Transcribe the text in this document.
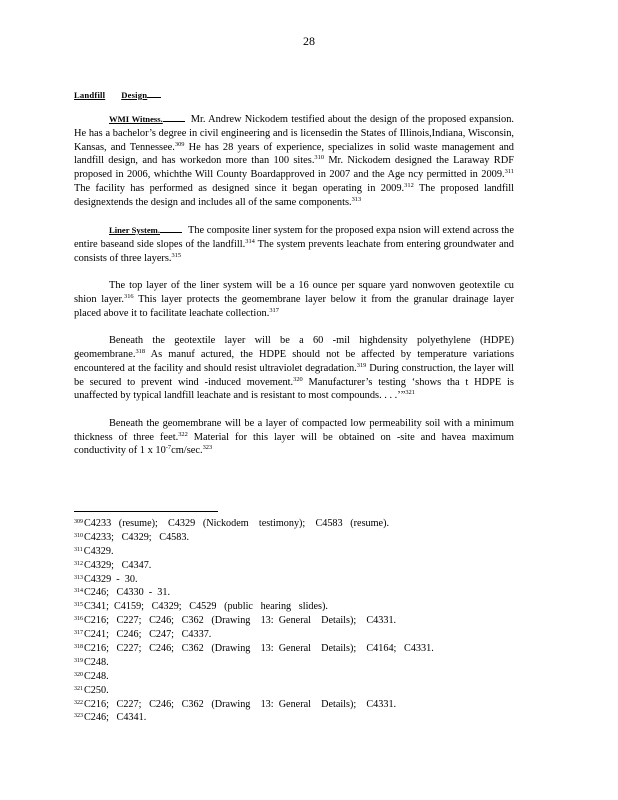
28
Landfill Design

WMI Witness.	Mr. Andrew Nickodem testified about the design of the proposed expansion. He has a bachelor’s degree in civil engineering and is licensedin the States of Illinois,Indiana, Wisconsin, Kansas, and Tennessee.$^{309}$ He has 28 years of experience, specializes in solid waste management and landfill design, and has workedon more than 100 sites.$^{310}$ Mr. Nickodem designed the Laraway RDF proposed in 2006, whichthe Will County Boardapproved in 2007 and the Age ncy permitted in 2009.$^{311}$ The facility has performed as designed since it began operating in 2009.$^{312}$ The proposed landfill designextends the design and includes all of the same components.$^{313}$

Liner System.	The composite liner system for the proposed expa nsion will extend across the entire baseand side slopes of the landfill.$^{314}$ The system prevents leachate from entering groundwater and consists of three layers.$^{315}$

The top layer of the liner system will be a 16 ounce per square yard nonwoven geotextile cu shion layer.$^{316}$ This layer protects the geomembrane layer below it from the granular drainage layer placed above it to facilitate leachate collection.$^{317}$

Beneath the geotextile layer will be a 60 -mil highdensity polyethylene (HDPE) geomembrane.$^{318}$ As manuf actured, the HDPE should not be affected by temperature variations encountered at the facility and should resist ultraviolet degradation.$^{319}$ During construction, the layer will be secured to prevent wind -induced movement.$^{320}$ Manufacturer’s testing ‘shows tha t HDPE is unaffected by typical landfill leachate and is resistant to most compounds. . . .’”$^{321}$

Beneath the geomembrane will be a layer of compacted low permeability soil with a minimum thickness of three feet.$^{322}$ Material for this layer will be obtained on -site and havea maximum conductivity of 1 x $10^{-7}cm/\sec.^{323}$

$^{309}$C4233   (resume);    C4329   (Nickodem    testimony);    C4583   (resume).
$^{310}$C4233;   C4329;   C4583.
$^{311}$C4329.
$^{312}$C4329;   C4347.
$^{313}$C4329  -  30.
$^{314}$C246;   C4330  -  31.
$^{315}$C341;  C4159;   C4329;   C4529   (public   hearing   slides).
$^{316}$C216;   C227;   C246;   C362   (Drawing    13:  General    Details);    C4331.
$^{317}$C241;   C246;   C247;   C4337.
$^{318}$C216;   C227;   C246;   C362   (Drawing    13:  General    Details);    C4164;   C4331.
$^{319}$C248.
$^{320}$C248.
$^{321}$C250.
$^{322}$C216;   C227;   C246;   C362   (Drawing    13:  General    Details);    C4331.
$^{323}$C246;   C4341.
